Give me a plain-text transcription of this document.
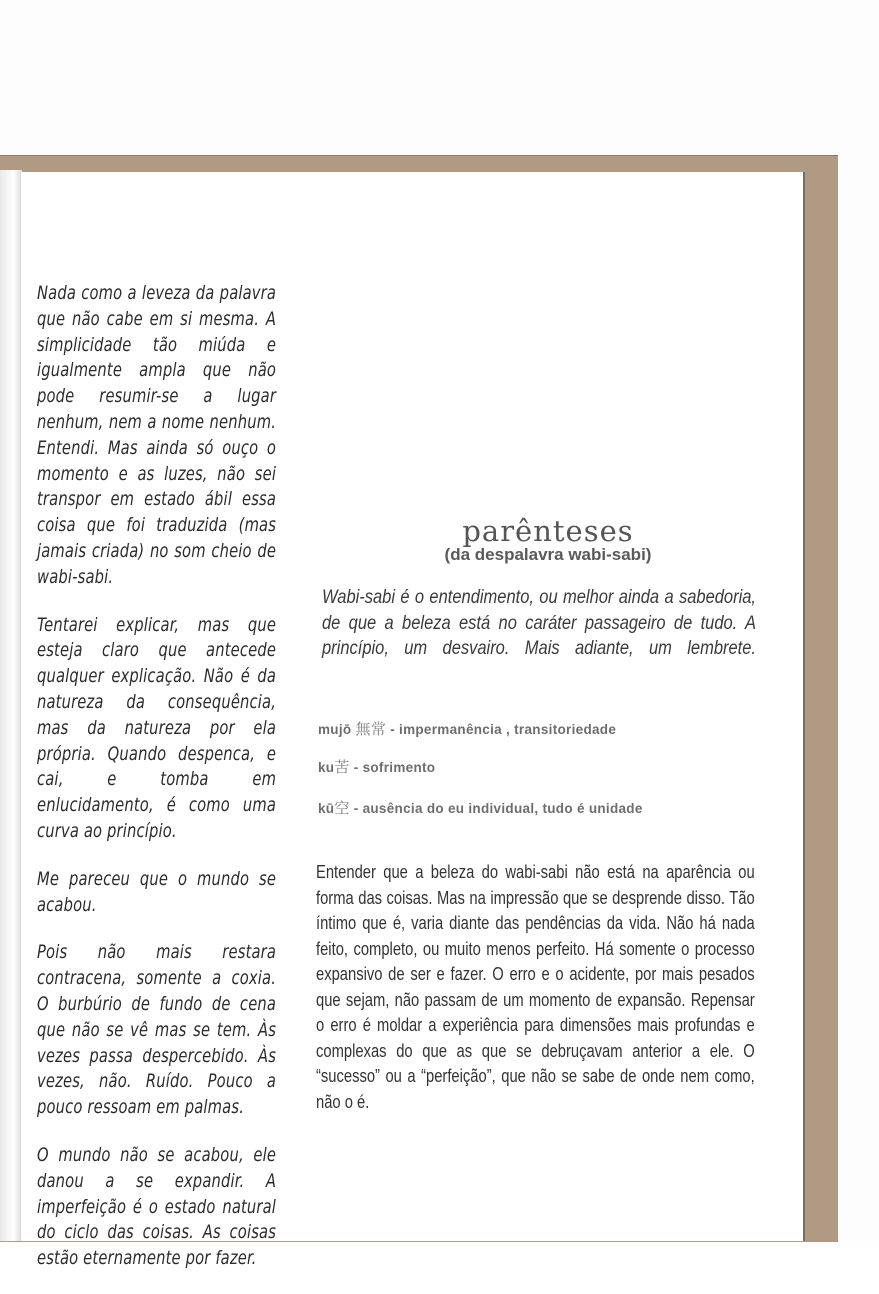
Nada como a leveza da palavra que não cabe em si mesma. A simplicidade tão miúda e igualmente ampla que não pode resumir-se a lugar nenhum, nem a nome nenhum. Entendi. Mas ainda só ouço o momento e as luzes, não sei transpor em estado ábil essa coisa que foi traduzida (mas jamais criada) no som cheio de wabi-sabi.

Tentarei explicar, mas que esteja claro que antecede qualquer explicação. Não é da natureza da consequência, mas da natureza por ela própria. Quando despenca, e cai, e tomba em enlucidamento, é como uma curva ao princípio.

Me pareceu que o mundo se acabou.

Pois não mais restara contracena, somente a coxia. O burbúrio de fundo de cena que não se vê mas se tem. Às vezes passa despercebido. Às vezes, não. Ruído. Pouco a pouco ressoam em palmas.

O mundo não se acabou, ele danou a se expandir. A imperfeição é o estado natural do ciclo das coisas. As coisas estão eternamente por fazer.

parênteses
(da despalavra wabi-sabi)

Wabi-sabi é o entendimento, ou melhor ainda a sabedoria, de que a beleza está no caráter passageiro de tudo. A princípio, um desvairo. Mais adiante, um lembrete.

mujō 無常 - impermanência , transitoriedade
ku苦 - sofrimento
kū空 - ausência do eu individual, tudo é unidade

Entender que a beleza do wabi-sabi não está na aparência ou forma das coisas. Mas na impressão que se desprende disso. Tão íntimo que é, varia diante das pendências da vida. Não há nada feito, completo, ou muito menos perfeito. Há somente o processo expansivo de ser e fazer. O erro e o acidente, por mais pesados que sejam, não passam de um momento de expansão. Repensar o erro é moldar a experiência para dimensões mais profundas e complexas do que as que se debruçavam anterior a ele. O “sucesso” ou a “perfeição”, que não se sabe de onde nem como, não o é.
